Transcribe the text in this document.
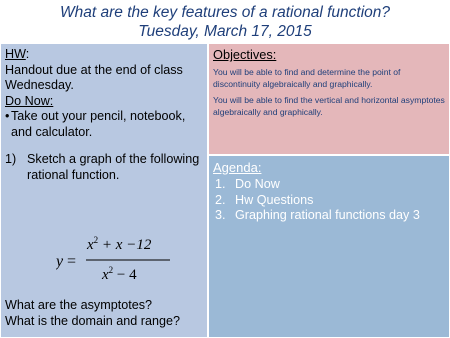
What are the key features of a rational function?
Tuesday, March 17, 2015
HW:
Handout due at the end of class Wednesday.
Do Now:
• Take out your pencil, notebook, and calculator.
1) Sketch a graph of the following rational function.
y =
$x^2 + x -12$
$x^2 - 4$
What are the asymptotes?
What is the domain and range?
Objectives:
You will be able to find and determine the point of discontinuity algebraically and graphically.
You will be able to find the vertical and horizontal asymptotes algebraically and graphically.
Agenda:
1. Do Now
2. Hw Questions
3. Graphing rational functions day 3
